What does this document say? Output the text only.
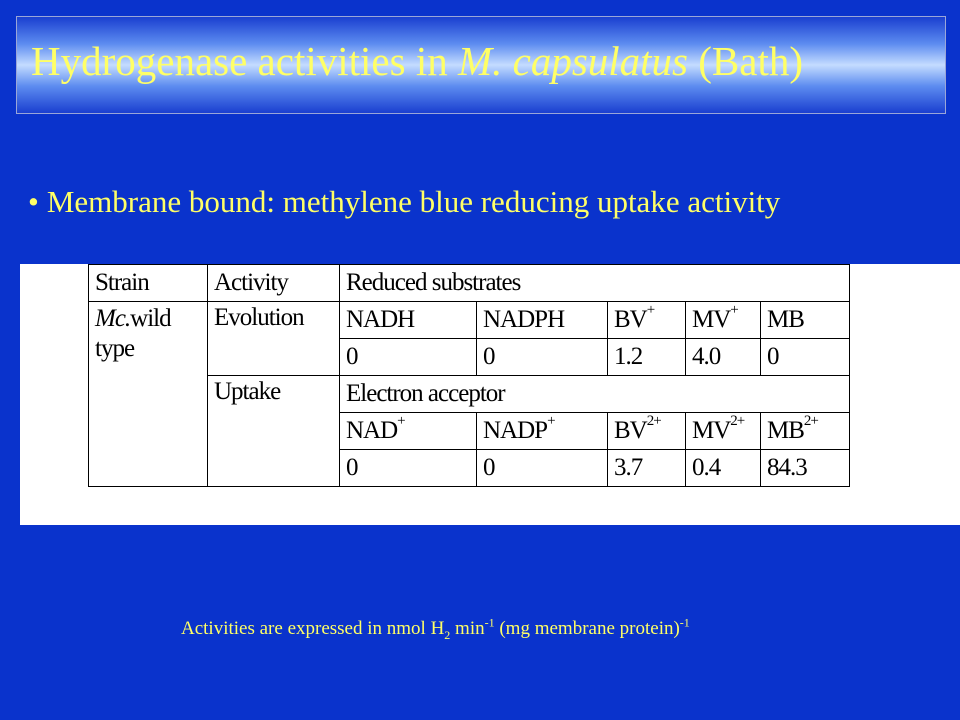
Hydrogenase activities in M. capsulatus (Bath)
• Membrane bound: methylene blue reducing uptake activity
Strain	Activity	Reduced substrates				
Mc.wild
type	Evolution	NADH	NADPH	BV+	MV+	MB
		0	0	1.2	4.0	0
	Uptake	Electron acceptor				
		NAD+	NADP+	$BV^{2+}$	$MV^{2+}$	$MB^{2+}$
		0	0	3.7	0.4	84.3
Activities are expressed in nmol $H_2$ $\min^{-1} (mg$ membrane protein)$^{-1}$
